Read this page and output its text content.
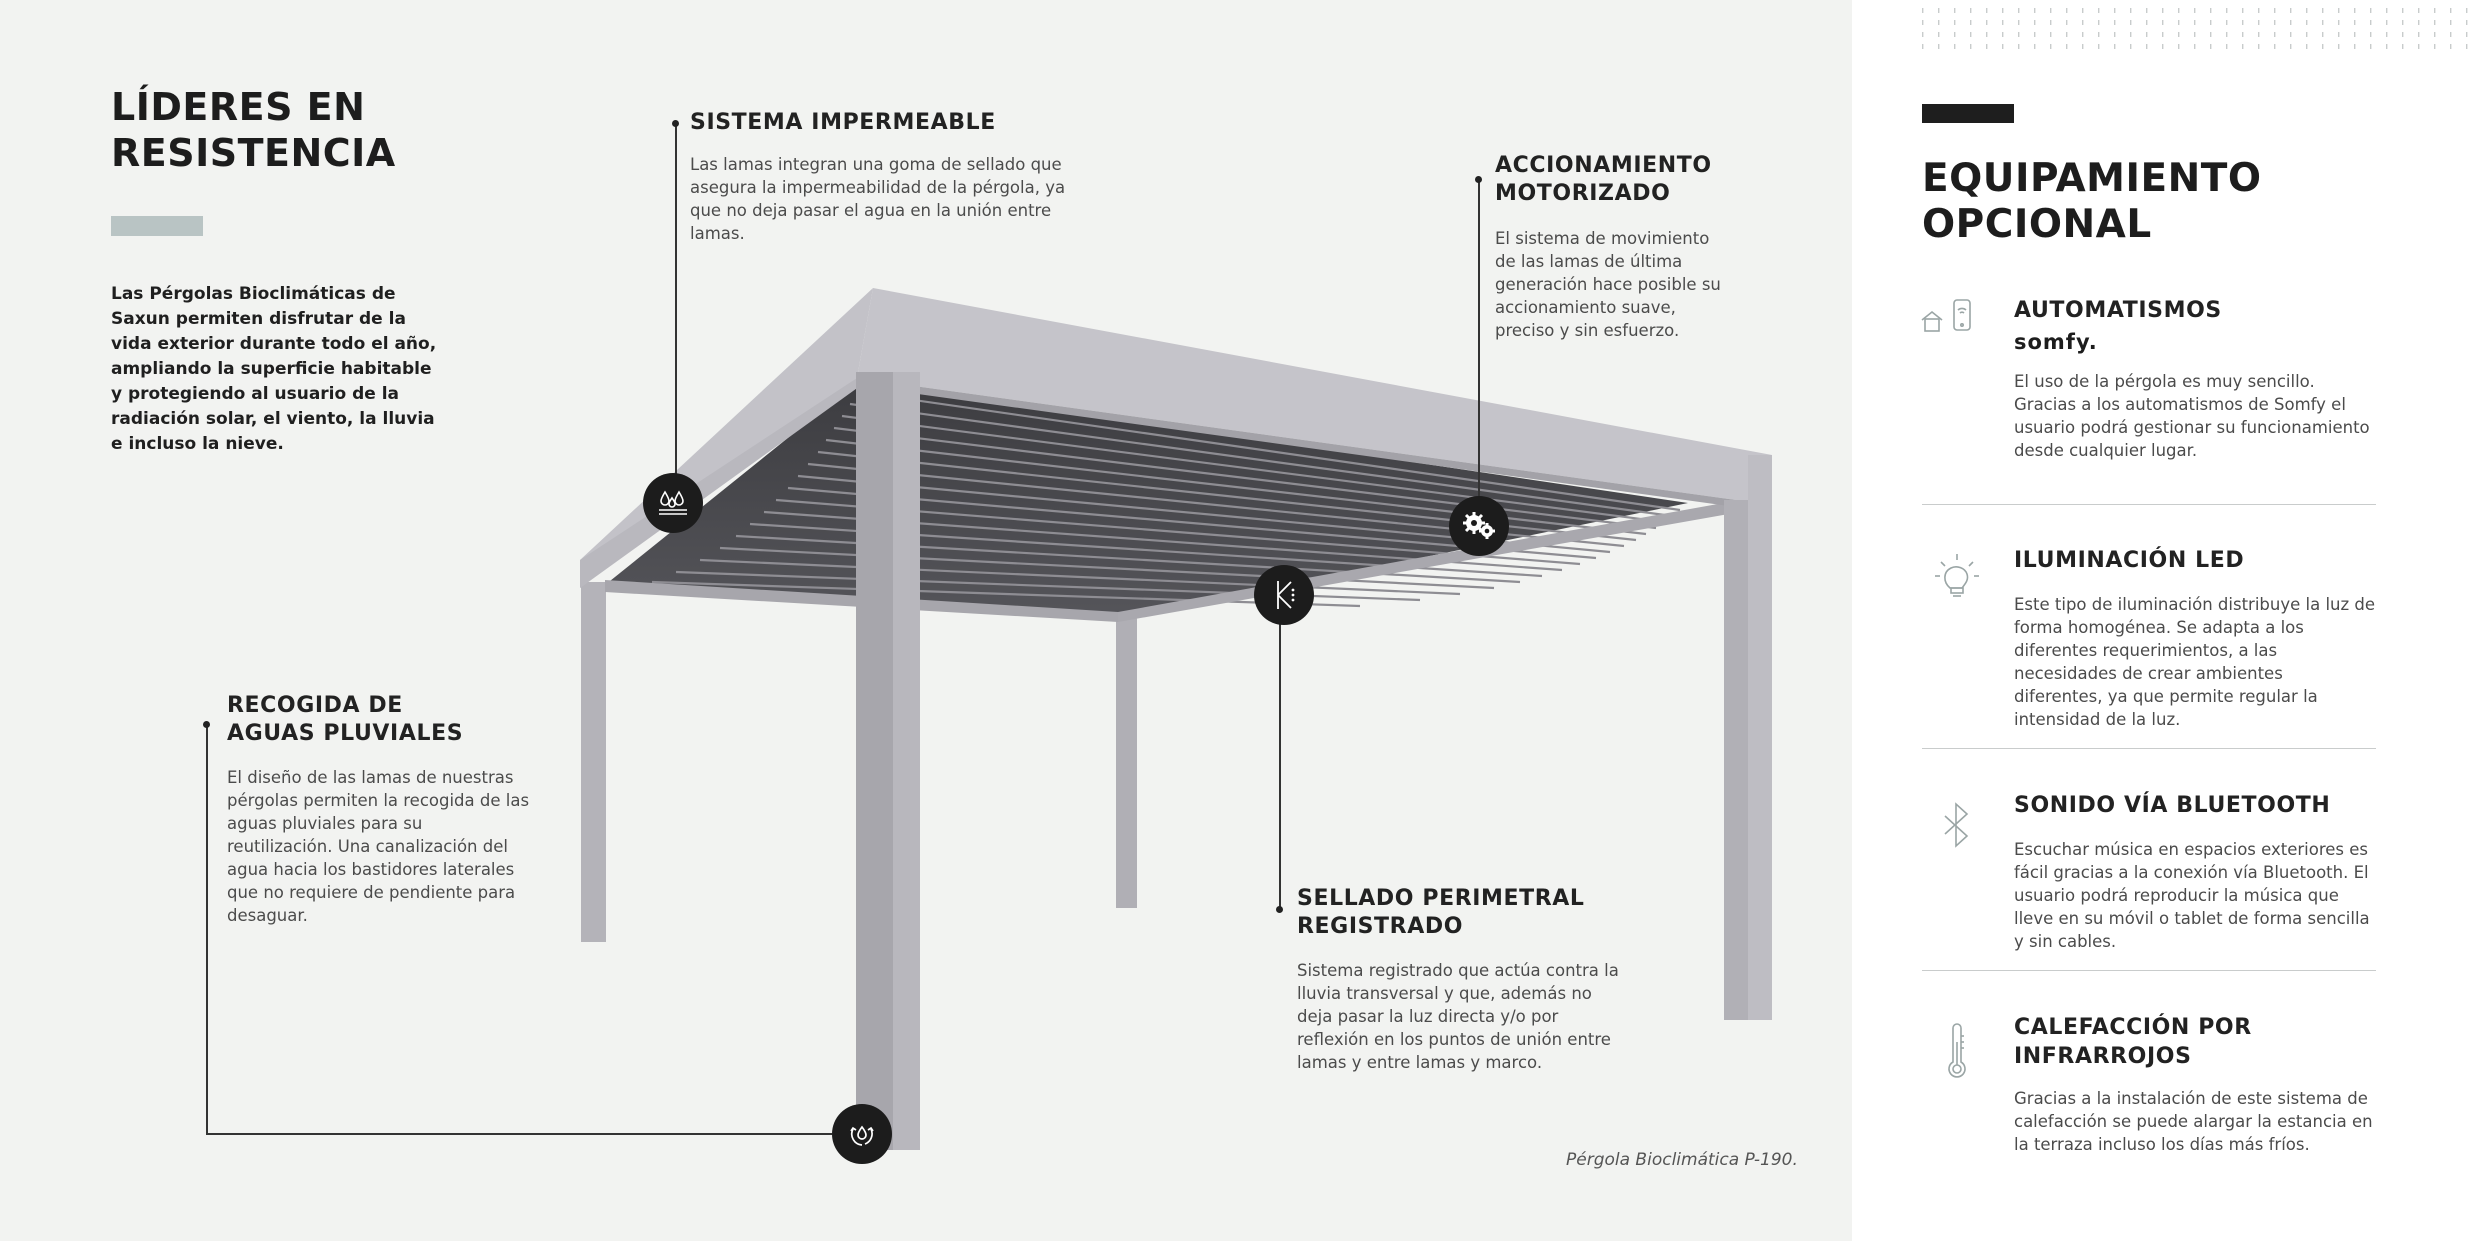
LÍDERES EN
RESISTENCIA

Las Pérgolas Bioclimáticas de Saxun permiten disfrutar de la vida exterior durante todo el año, ampliando la superficie habitable y protegiendo al usuario de la radiación solar, el viento, la lluvia e incluso la nieve.

SISTEMA IMPERMEABLE

Las lamas integran una goma de sellado que asegura la impermeabilidad de la pérgola, ya que no deja pasar el agua en la unión entre lamas.

ACCIONAMIENTO
MOTORIZADO

El sistema de movimiento de las lamas de última generación hace posible su accionamiento suave, preciso y sin esfuerzo.

RECOGIDA DE
AGUAS PLUVIALES

El diseño de las lamas de nuestras pérgolas permiten la recogida de las aguas pluviales para su reutilización. Una canalización del agua hacia los bastidores laterales que no requiere de pendiente para desaguar.

SELLADO PERIMETRAL
REGISTRADO

Sistema registrado que actúa contra la lluvia transversal y que, además no deja pasar la luz directa y/o por reflexión en los puntos de unión entre lamas y entre lamas y marco.

Pérgola Bioclimática P-190.

EQUIPAMIENTO
OPCIONAL

AUTOMATISMOS

somfy.

El uso de la pérgola es muy sencillo. Gracias a los automatismos de Somfy el usuario podrá gestionar su funcionamiento desde cualquier lugar.

ILUMINACIÓN LED

Este tipo de iluminación distribuye la luz de forma homogénea. Se adapta a los diferentes requerimientos, a las necesidades de crear ambientes diferentes, ya que permite regular la intensidad de la luz.

SONIDO VÍA BLUETOOTH

Escuchar música en espacios exteriores es fácil gracias a la conexión vía Bluetooth. El usuario podrá reproducir la música que lleve en su móvil o tablet de forma sencilla y sin cables.

CALEFACCIÓN POR
INFRARROJOS

Gracias a la instalación de este sistema de calefacción se puede alargar la estancia en la terraza incluso los días más fríos.
